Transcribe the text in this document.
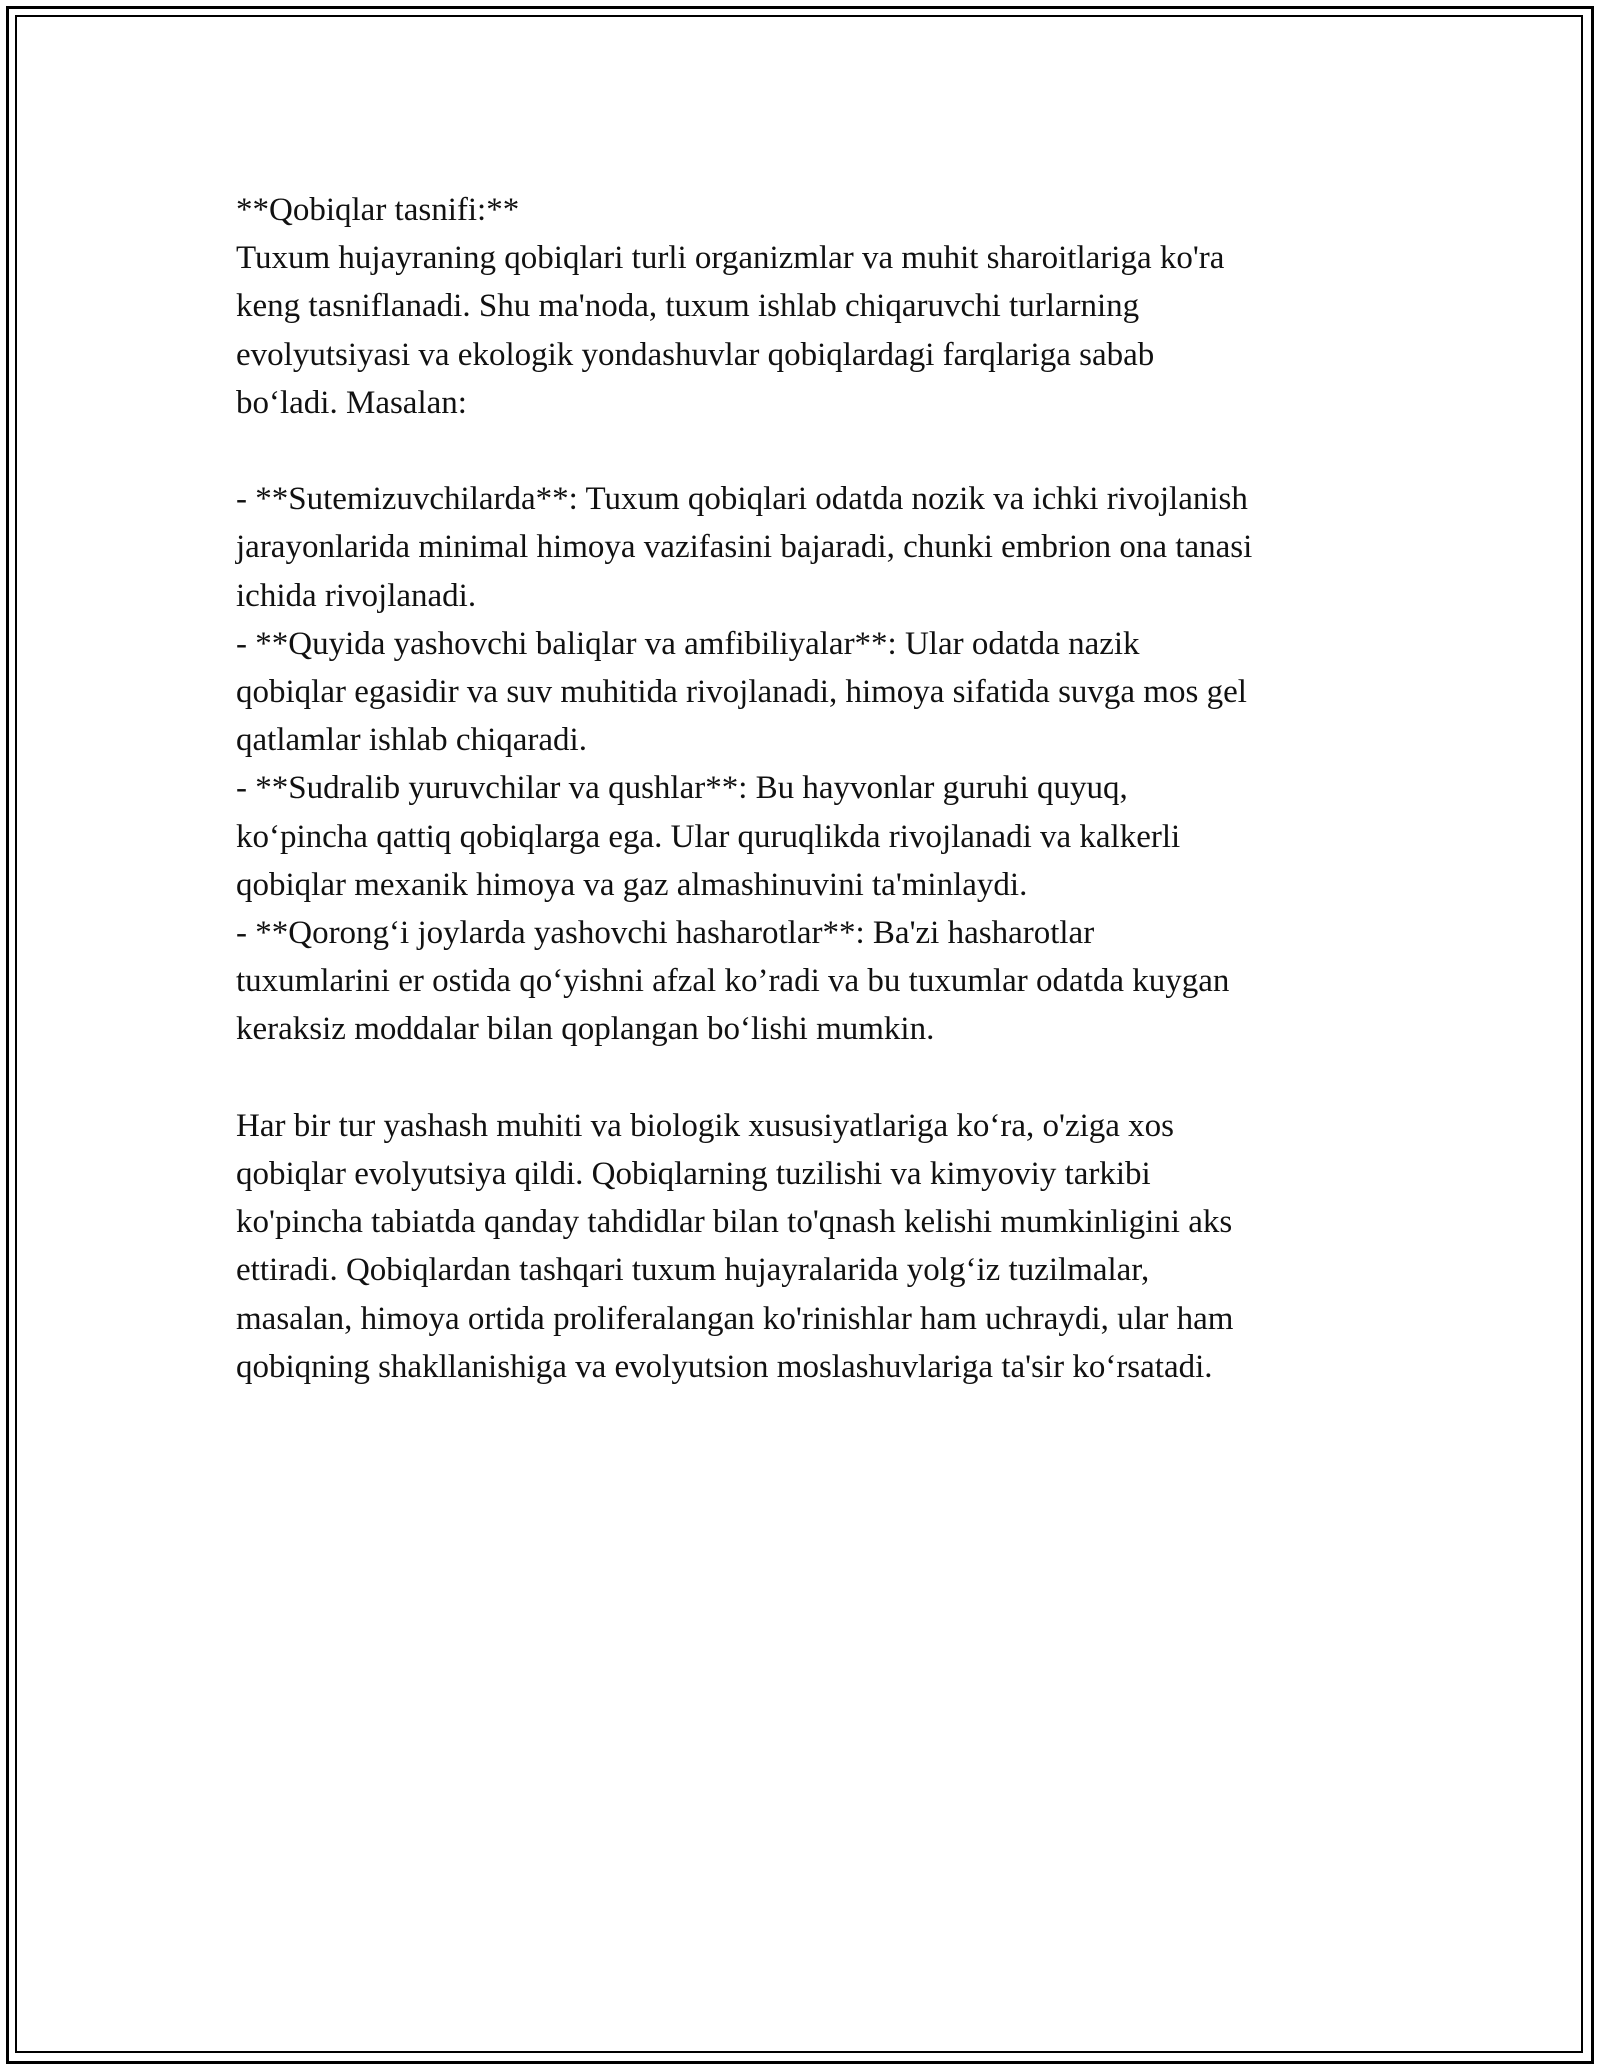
**Qobiqlar tasnifi:**

Tuxum hujayraning qobiqlari turli organizmlar va muhit sharoitlariga ko'ra

keng tasniflanadi. Shu ma'noda, tuxum ishlab chiqaruvchi turlarning

evolyutsiyasi va ekologik yondashuvlar qobiqlardagi farqlariga sabab

bo‘ladi. Masalan:

- **Sutemizuvchilarda**: Tuxum qobiqlari odatda nozik va ichki rivojlanish

jarayonlarida minimal himoya vazifasini bajaradi, chunki embrion ona tanasi

ichida rivojlanadi.

- **Quyida yashovchi baliqlar va amfibiliyalar**: Ular odatda nazik

qobiqlar egasidir va suv muhitida rivojlanadi, himoya sifatida suvga mos gel

qatlamlar ishlab chiqaradi.

- **Sudralib yuruvchilar va qushlar**: Bu hayvonlar guruhi quyuq,

ko‘pincha qattiq qobiqlarga ega. Ular quruqlikda rivojlanadi va kalkerli

qobiqlar mexanik himoya va gaz almashinuvini ta'minlaydi.

- **Qorong‘i joylarda yashovchi hasharotlar**: Ba'zi hasharotlar

tuxumlarini er ostida qo‘yishni afzal ko’radi va bu tuxumlar odatda kuygan

keraksiz moddalar bilan qoplangan bo‘lishi mumkin.

Har bir tur yashash muhiti va biologik xususiyatlariga ko‘ra, o'ziga xos

qobiqlar evolyutsiya qildi. Qobiqlarning tuzilishi va kimyoviy tarkibi

ko'pincha tabiatda qanday tahdidlar bilan to'qnash kelishi mumkinligini aks

ettiradi. Qobiqlardan tashqari tuxum hujayralarida yolg‘iz tuzilmalar,

masalan, himoya ortida proliferalangan ko'rinishlar ham uchraydi, ular ham

qobiqning shakllanishiga va evolyutsion moslashuvlariga ta'sir ko‘rsatadi.
